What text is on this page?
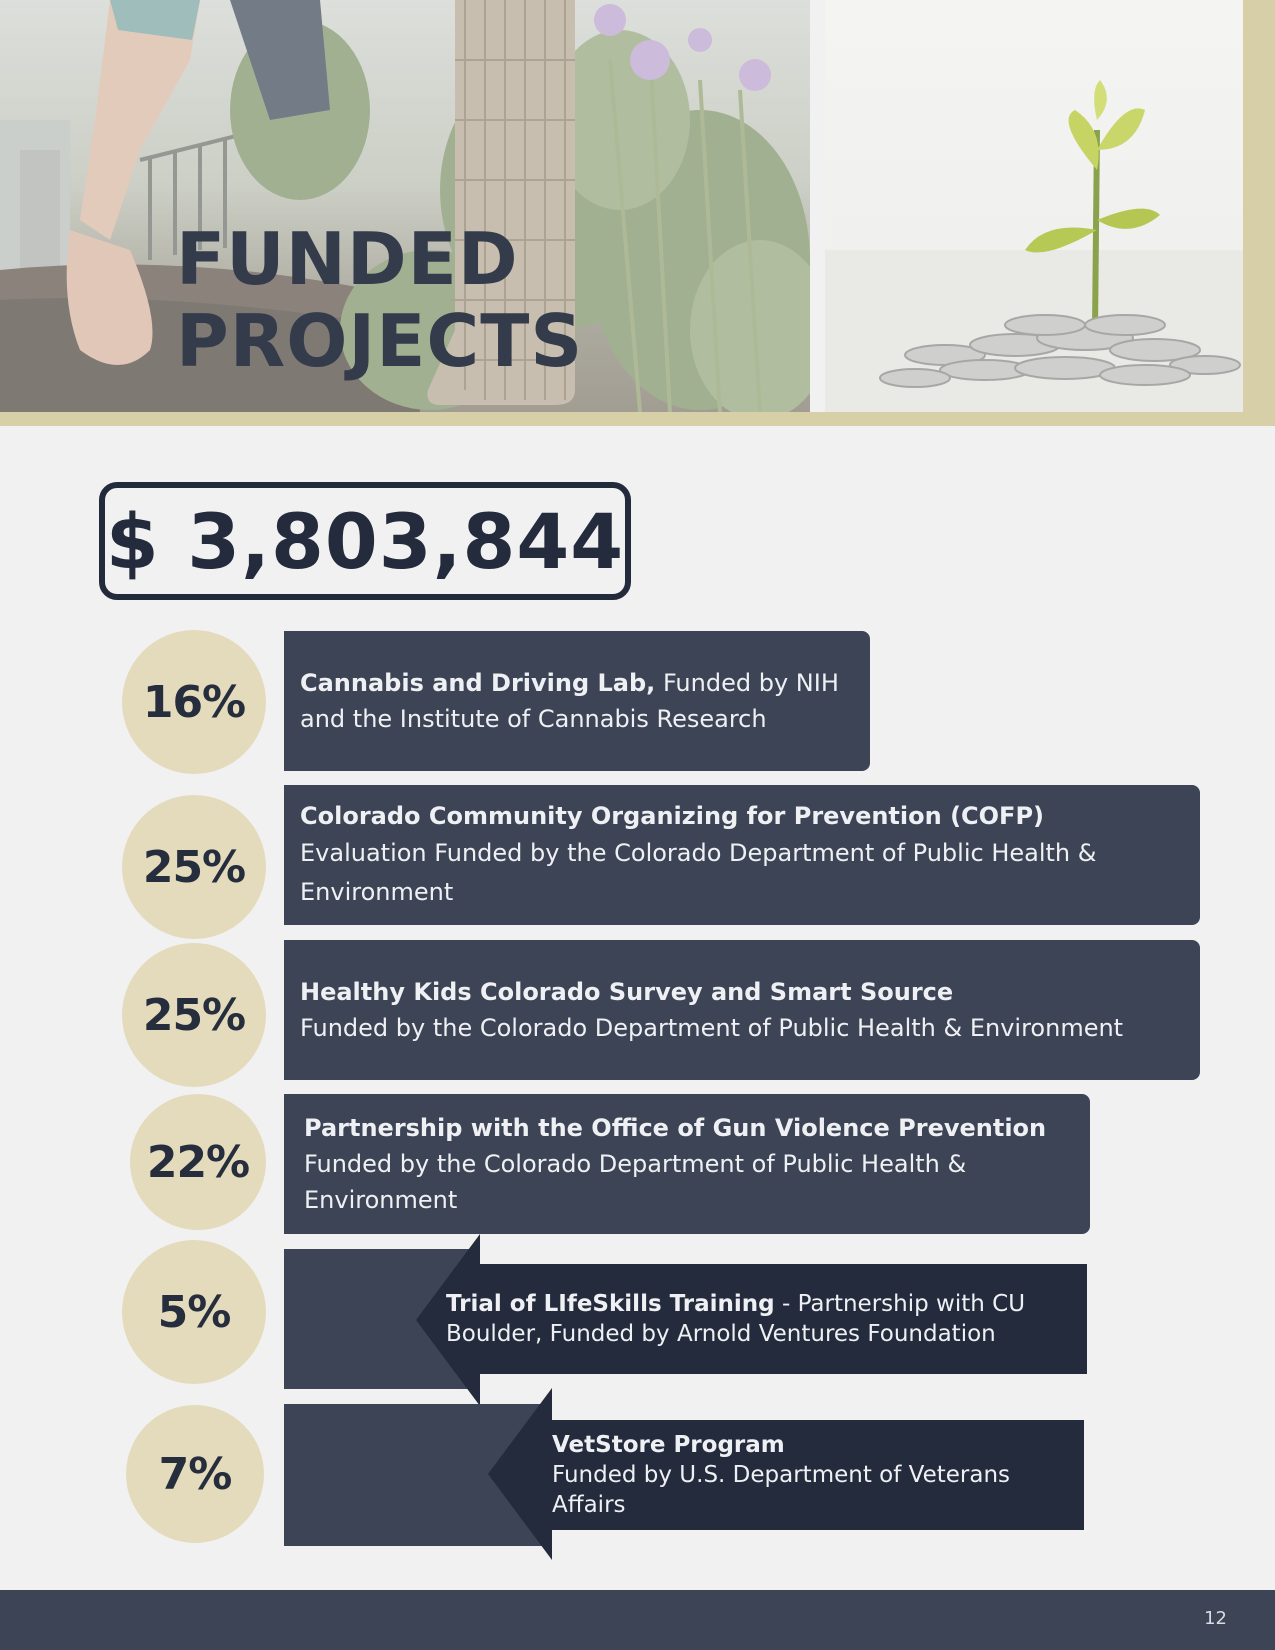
FUNDED
PROJECTS
$ 3,803,844
16%	Cannabis and Driving Lab, Funded by NIH and the Institute of Cannabis Research
25%
Colorado Community Organizing for Prevention (COFP)
Evaluation Funded by the Colorado Department of Public Health & Environment
25%	Healthy Kids Colorado Survey and Smart Source
Funded by the Colorado Department of Public Health & Environment
22%
Partnership with the Office of Gun Violence Prevention
Funded by the Colorado Department of Public Health & Environment
5%	Trial of LIfeSkills Training - Partnership with CU Boulder, Funded by Arnold Ventures Foundation
7%
VetStore Program
Funded by U.S. Department of Veterans Affairs
12
